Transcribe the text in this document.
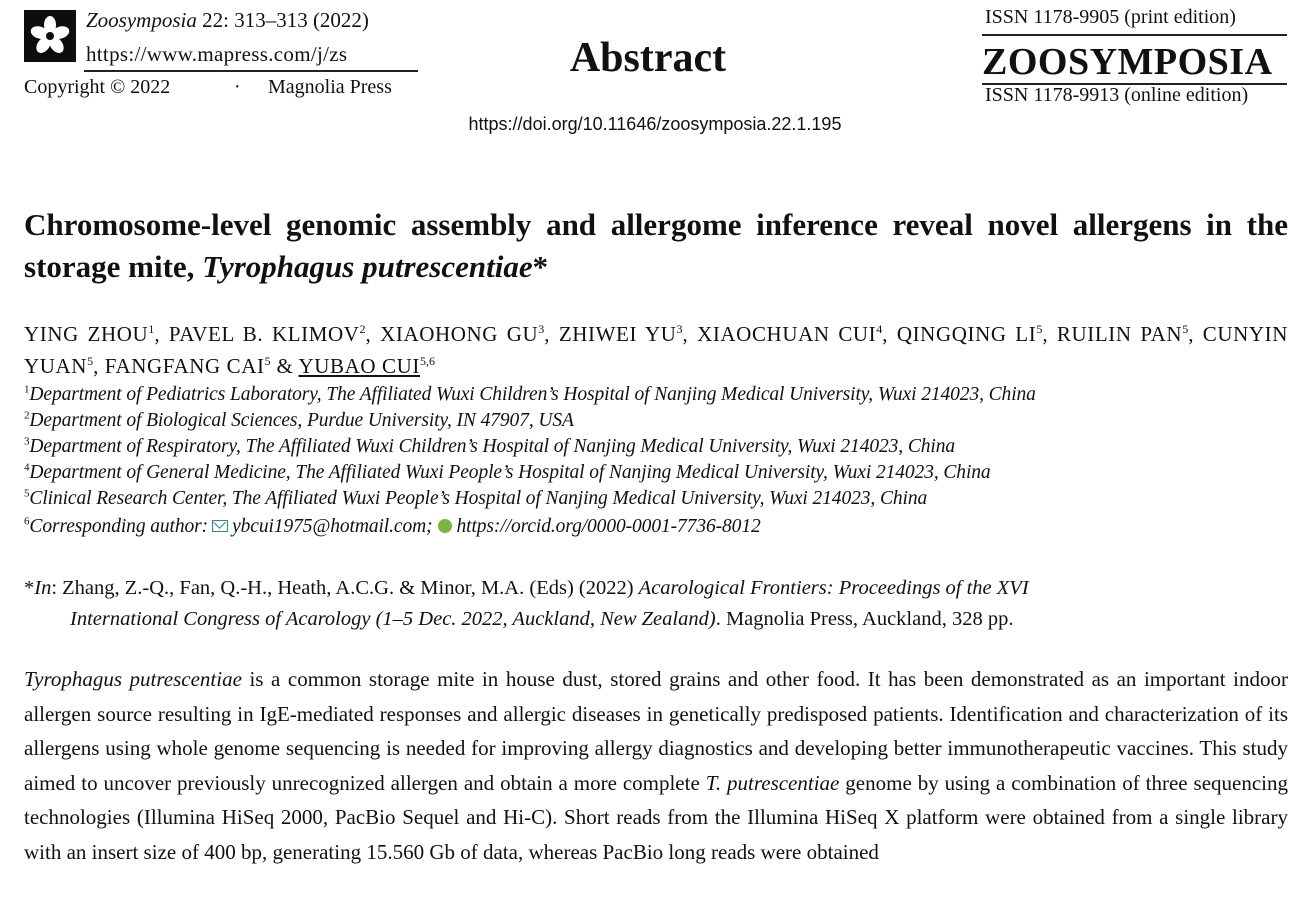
Zoosymposia 22: 313–313 (2022)
https://www.mapress.com/j/zs
Copyright © 2022	· Magnolia Press
Abstract
ISSN 1178-9905 (print edition)
ZOOSYMPOSIA
ISSN 1178-9913 (online edition)
https://doi.org/10.11646/zoosymposia.22.1.195
Chromosome-level genomic assembly and allergome inference reveal novel allergens in the storage mite, Tyrophagus putrescentiae*
YING ZHOU$^1$, PAVEL B. KLIMOV$^2$, XIAOHONG $GU^3$, ZHIWEI $YU^3$, XIAOCHUAN CUI$^4$, QINGQING $LI^5$, RUILIN PAN$^5$, CUNYIN YUAN$^5$, FANGFANG CAI$^5$ & YUBAO CUI$^{5,6}$
$^1$Department of Pediatrics Laboratory, The Affiliated Wuxi Children’s Hospital of Nanjing Medical University, Wuxi 214023, China
$^2$Department of Biological Sciences, Purdue University, IN 47907, USA
$^3$Department of Respiratory, The Affiliated Wuxi Children’s Hospital of Nanjing Medical University, Wuxi 214023, China
$^4$Department of General Medicine, The Affiliated Wuxi People’s Hospital of Nanjing Medical University, Wuxi 214023, China
$^5$Clinical Research Center, The Affiliated Wuxi People’s Hospital of Nanjing Medical University, Wuxi 214023, China
$^6$Corresponding author: ybcui1975@hotmail.com; https://orcid.org/0000-0001-7736-8012
*In: Zhang, Z.-Q., Fan, Q.-H., Heath, A.C.G. & Minor, M.A. (Eds) (2022) Acarological Frontiers: Proceedings of the XVI
International Congress of Acarology (1–5 Dec. 2022, Auckland, New Zealand). Magnolia Press, Auckland, 328 pp.
Tyrophagus putrescentiae is a common storage mite in house dust, stored grains and other food. It has been demonstrated as an important indoor allergen source resulting in IgE-mediated responses and allergic diseases in genetically predisposed patients. Identification and characterization of its allergens using whole genome sequencing is needed for improving allergy diagnostics and developing better immunotherapeutic vaccines. This study aimed to uncover previously unrecognized allergen and obtain a more complete T. putrescentiae genome by using a combination of three sequencing technologies (Illumina HiSeq 2000, PacBio Sequel and Hi-C). Short reads from the Illumina HiSeq X platform were obtained from a single library with an insert size of 400 bp, generating 15.560 Gb of data, whereas PacBio long reads were obtained
